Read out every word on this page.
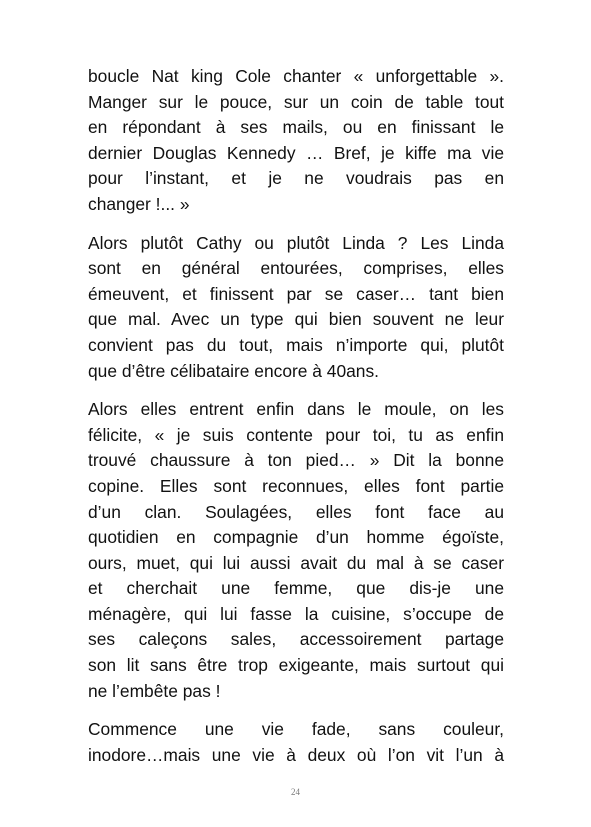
boucle Nat king Cole chanter « unforgettable ».
Manger sur le pouce, sur un coin de table tout
en répondant à ses mails, ou en finissant le
dernier Douglas Kennedy … Bref, je kiffe ma vie
pour l’instant, et je ne voudrais pas en
changer !... »
Alors plutôt Cathy ou plutôt Linda ? Les Linda
sont en général entourées, comprises, elles
émeuvent, et finissent par se caser… tant bien
que mal. Avec un type qui bien souvent ne leur
convient pas du tout, mais n’importe qui, plutôt
que d’être célibataire encore à 40ans.
Alors elles entrent enfin dans le moule, on les
félicite, « je suis contente pour toi, tu as enfin
trouvé chaussure à ton pied… » Dit la bonne
copine. Elles sont reconnues, elles font partie
d’un clan. Soulagées, elles font face au
quotidien en compagnie d’un homme égoïste,
ours, muet, qui lui aussi avait du mal à se caser
et cherchait une femme, que dis-je une
ménagère, qui lui fasse la cuisine, s’occupe de
ses caleçons sales, accessoirement partage
son lit sans être trop exigeante, mais surtout qui
ne l’embête pas !
Commence une vie fade, sans couleur,
inodore…mais une vie à deux où l’on vit l’un à
24
